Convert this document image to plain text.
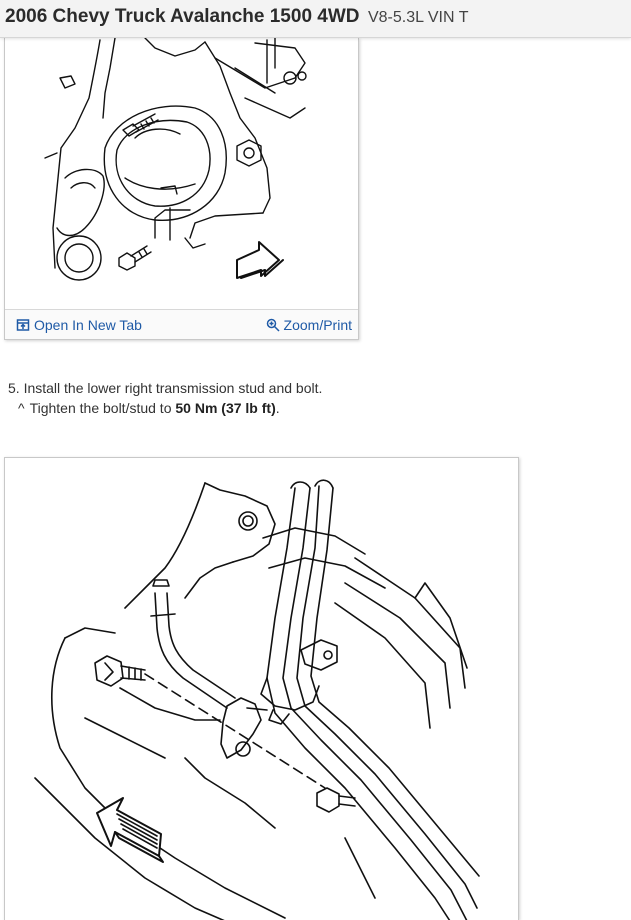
2006 Chevy Truck Avalanche 1500 4WD V8-5.3L VIN T
Open In New Tab	Zoom/Print
5. Install the lower right transmission stud and bolt.
^ Tighten the bolt/stud to 50 Nm (37 lb ft).
